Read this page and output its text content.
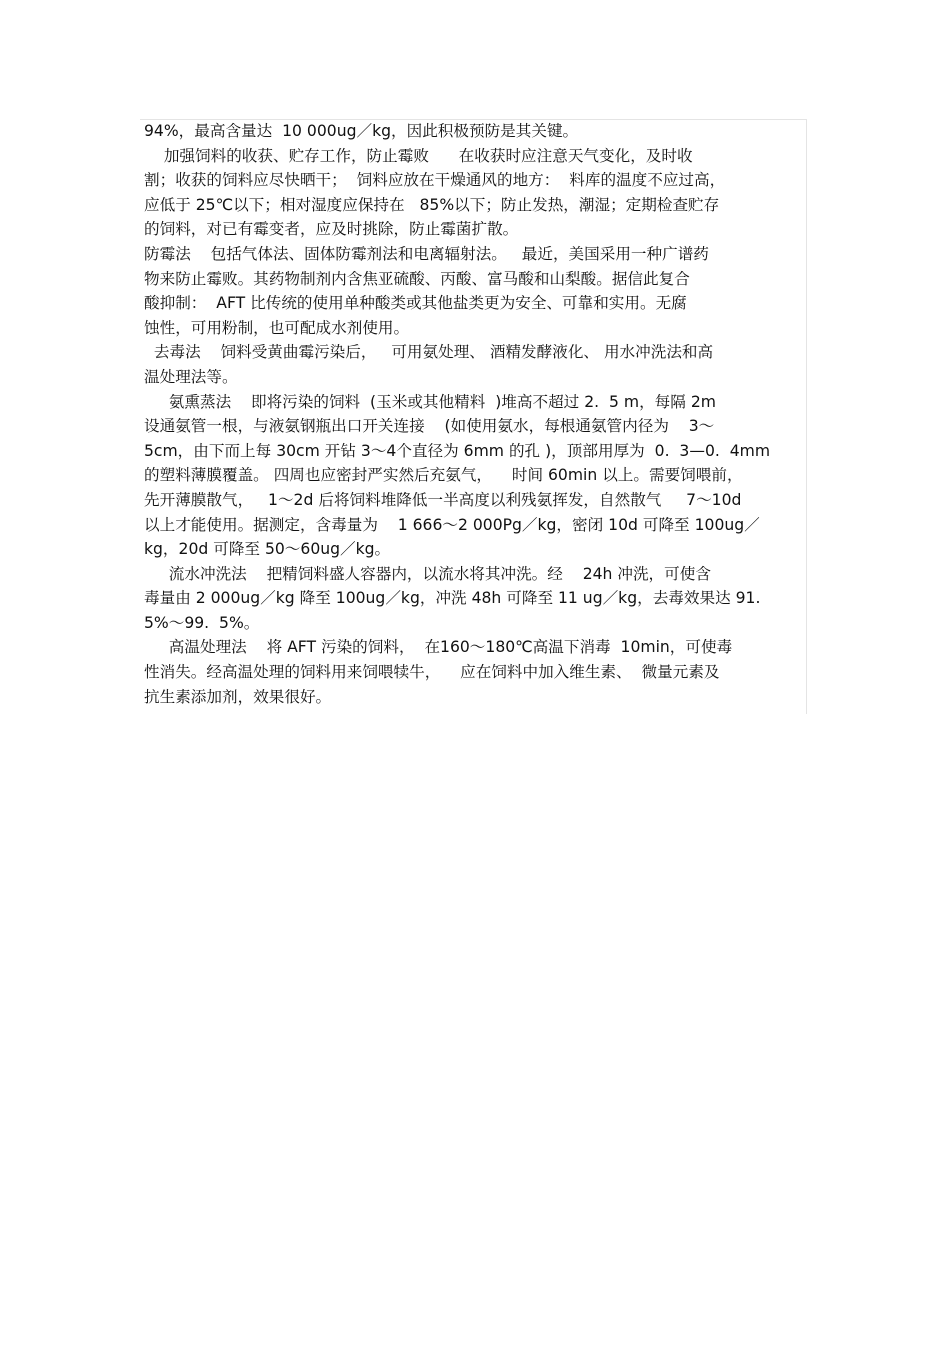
94%，最高含量达  10 000ug／kg，因此积极预防是其关键。
加强饲料的收获、贮存工作，防止霉败      在收获时应注意天气变化，及时收
割；收获的饲料应尽快晒干；  饲料应放在干燥通风的地方：  料库的温度不应过高，
应低于 25℃以下；相对湿度应保持在   85%以下；防止发热，潮湿；定期检查贮存
的饲料，对已有霉变者，应及时挑除，防止霉菌扩散。
防霉法    包括气体法、固体防霉剂法和电离辐射法。   最近，美国采用一种广谱药
物来防止霉败。其药物制剂内含焦亚硫酸、丙酸、富马酸和山梨酸。据信此复合
酸抑制：  AFT 比传统的使用单种酸类或其他盐类更为安全、可靠和实用。无腐
蚀性，可用粉制，也可配成水剂使用。
去毒法    饲料受黄曲霉污染后，   可用氨处理、 酒精发酵液化、 用水冲洗法和高
温处理法等。
氨熏蒸法    即将污染的饲料  (玉米或其他精料  )堆高不超过 2.  5 m，每隔 2m
设通氨管一根，与液氨钢瓶出口开关连接    (如使用氨水，每根通氨管内径为    3～
5cm，由下而上每 30cm 开钻 3～4个直径为 6mm 的孔 )，顶部用厚为  0.  3—0.  4mm
的塑料薄膜覆盖。 四周也应密封严实然后充氨气，    时间 60min 以上。需要饲喂前，
先开薄膜散气，   1～2d 后将饲料堆降低一半高度以利残氨挥发，自然散气     7～10d
以上才能使用。据测定，含毒量为    1 666～2 000Pg／kg，密闭 10d 可降至 100ug／
kg，20d 可降至 50～60ug／kg。
流水冲洗法    把精饲料盛人容器内，以流水将其冲洗。经    24h 冲洗，可使含
毒量由 2 000ug／kg 降至 100ug／kg，冲洗 48h 可降至 11 ug／kg，去毒效果达 91.
5%～99.  5%。
高温处理法    将 AFT 污染的饲料，  在160～180℃高温下消毒  10min，可使毒
性消失。经高温处理的饲料用来饲喂犊牛，    应在饲料中加入维生素、  微量元素及
抗生素添加剂，效果很好。
